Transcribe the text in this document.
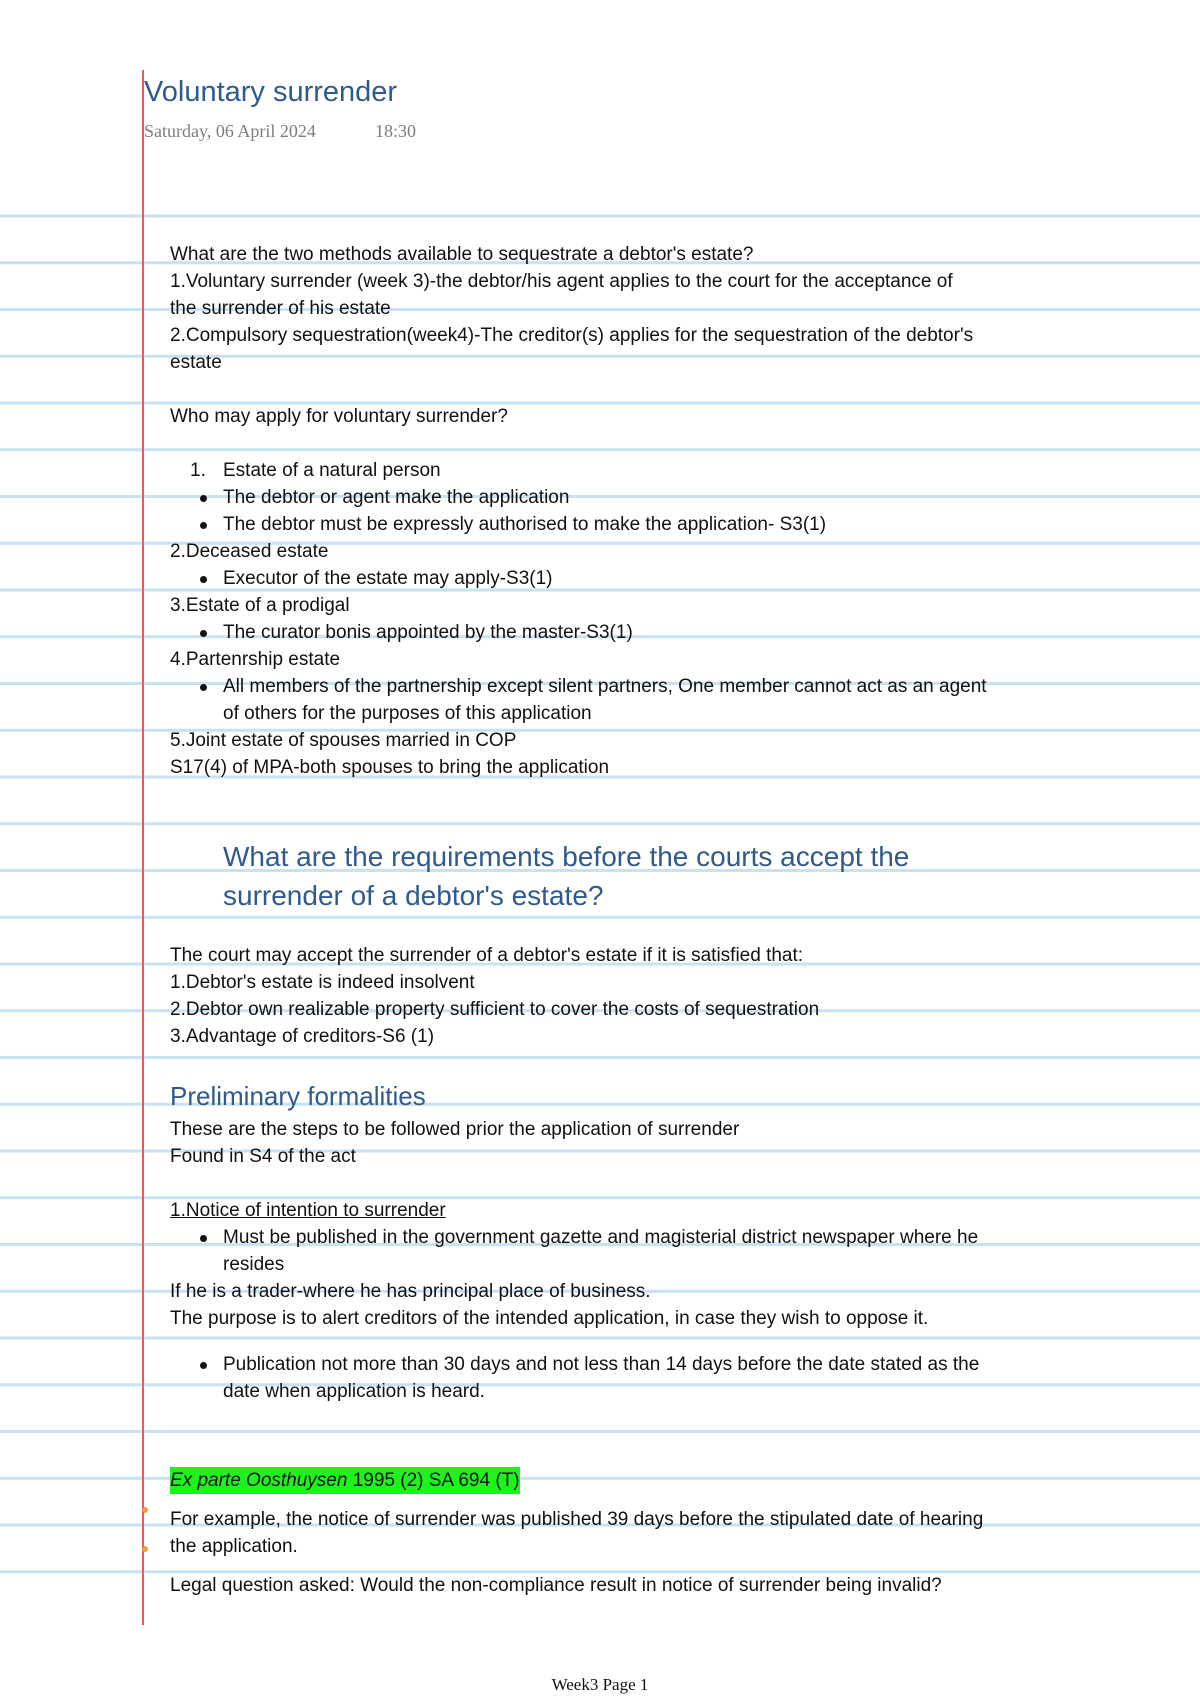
Voluntary surrender
Saturday, 06 April 2024	18:30
What are the two methods available to sequestrate a debtor's estate?
1.Voluntary surrender (week 3)-the debtor/his agent applies to the court for the acceptance of
the surrender of his estate
2.Compulsory sequestration(week4)-The creditor(s) applies for the sequestration of the debtor's
estate
Who may apply for voluntary surrender?
1. Estate of a natural person
The debtor or agent make the application
The debtor must be expressly authorised to make the application- S3(1)
2.Deceased estate
Executor of the estate may apply-S3(1)
3.Estate of a prodigal
The curator bonis appointed by the master-S3(1)
4.Partenrship estate
All members of the partnership except silent partners, One member cannot act as an agent
of others for the purposes of this application
5.Joint estate of spouses married in COP
S17(4) of MPA-both spouses to bring the application
What are the requirements before the courts accept the
surrender of a debtor's estate?
The court may accept the surrender of a debtor's estate if it is satisfied that:
1.Debtor's estate is indeed insolvent
2.Debtor own realizable property sufficient to cover the costs of sequestration
3.Advantage of creditors-S6 (1)
Preliminary formalities
These are the steps to be followed prior the application of surrender
Found in S4 of the act
1.Notice of intention to surrender
Must be published in the government gazette and magisterial district newspaper where he
resides
If he is a trader-where he has principal place of business.
The purpose is to alert creditors of the intended application, in case they wish to oppose it.
Publication not more than 30 days and not less than 14 days before the date stated as the
date when application is heard.
Ex parte Oosthuysen 1995 (2) SA 694 (T)
For example, the notice of surrender was published 39 days before the stipulated date of hearing
the application.
Legal question asked: Would the non-compliance result in notice of surrender being invalid?
Week3 Page 1
